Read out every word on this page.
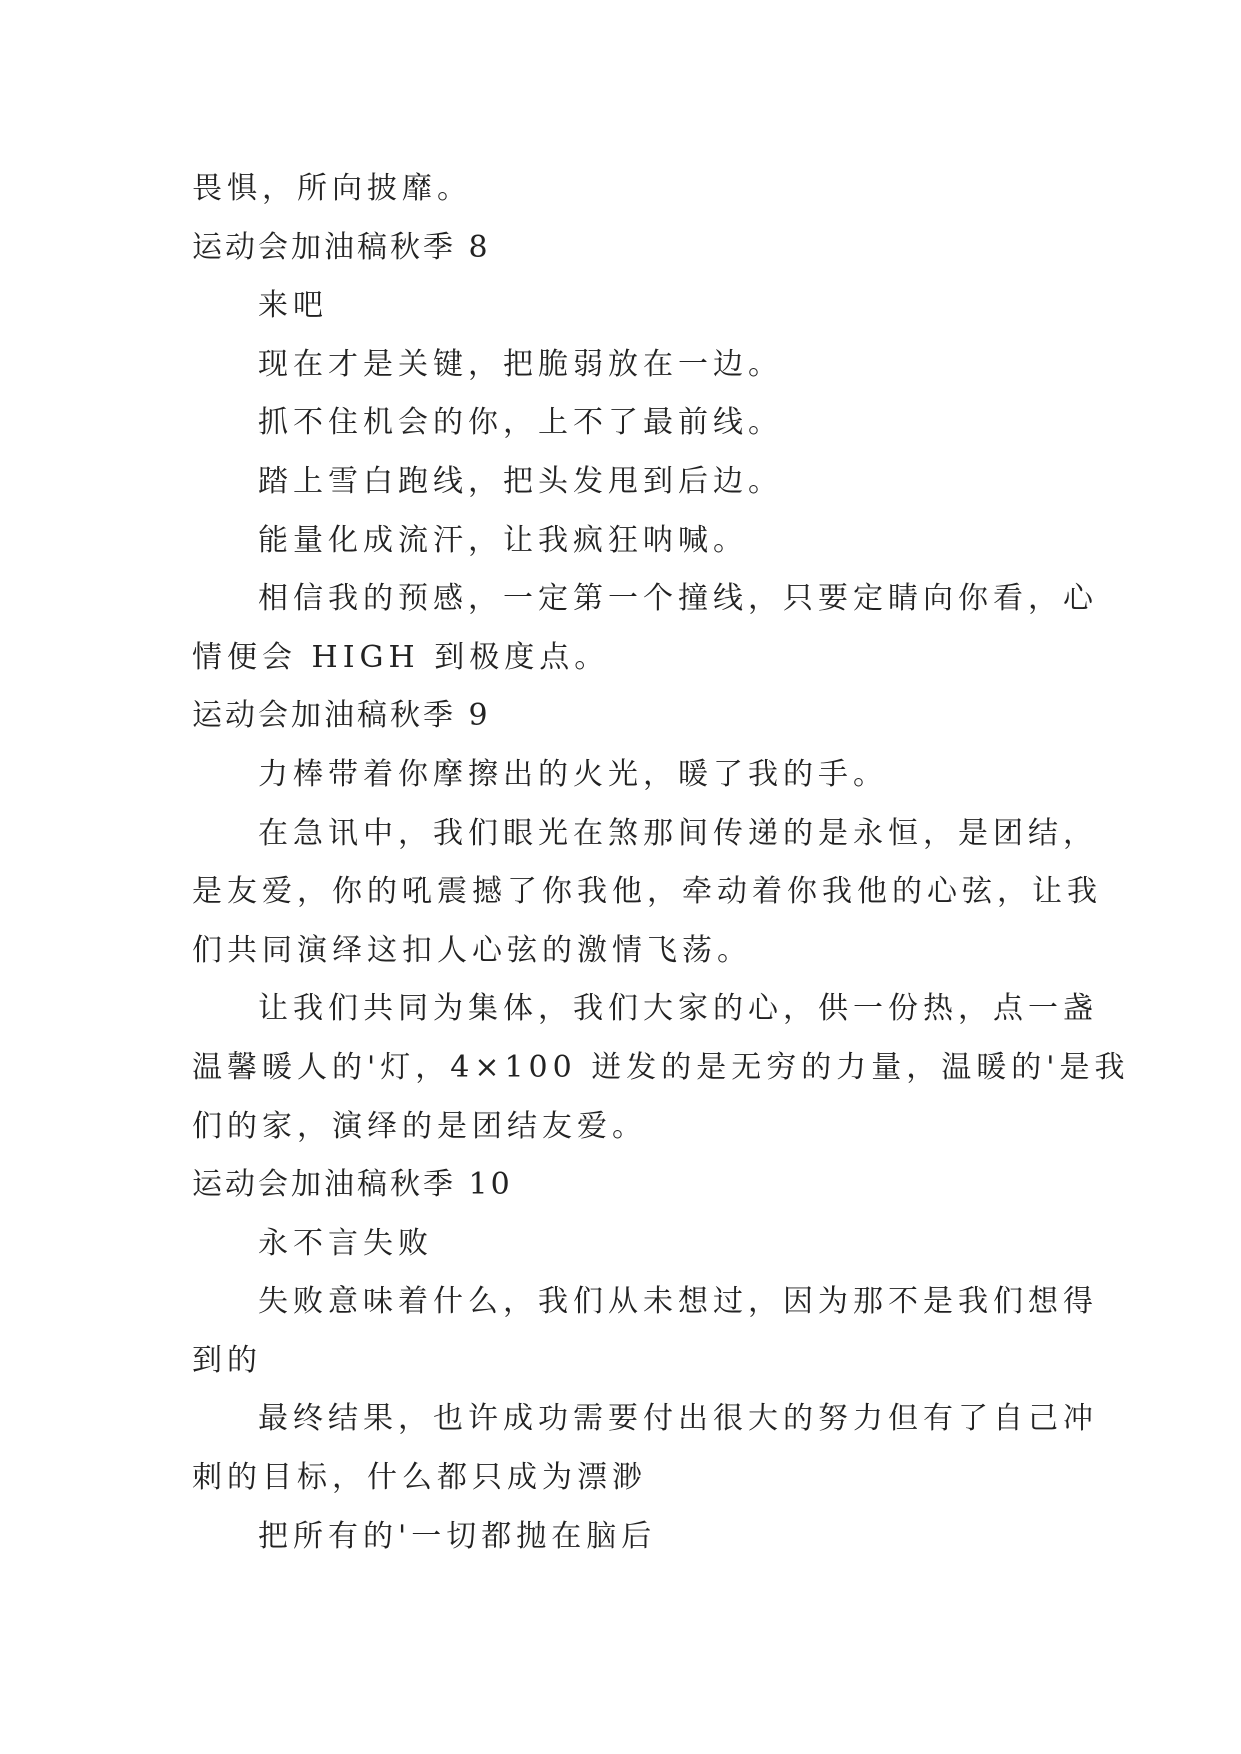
畏惧，所向披靡。

运动会加油稿秋季 8

来吧

现在才是关键，把脆弱放在一边。

抓不住机会的你，上不了最前线。

踏上雪白跑线，把头发甩到后边。

能量化成流汗，让我疯狂呐喊。

相信我的预感，一定第一个撞线，只要定睛向你看，心

情便会 HIGH 到极度点。

运动会加油稿秋季 9

力棒带着你摩擦出的火光，暖了我的手。

在急讯中，我们眼光在煞那间传递的是永恒，是团结，

是友爱，你的吼震撼了你我他，牵动着你我他的心弦，让我

们共同演绎这扣人心弦的激情飞荡。

让我们共同为集体，我们大家的心，供一份热，点一盏

温馨暖人的'灯，4×100 迸发的是无穷的力量，温暖的'是我

们的家，演绎的是团结友爱。

运动会加油稿秋季 10

永不言失败

失败意味着什么，我们从未想过，因为那不是我们想得

到的

最终结果，也许成功需要付出很大的努力但有了自己冲

刺的目标，什么都只成为漂渺

把所有的'一切都抛在脑后
